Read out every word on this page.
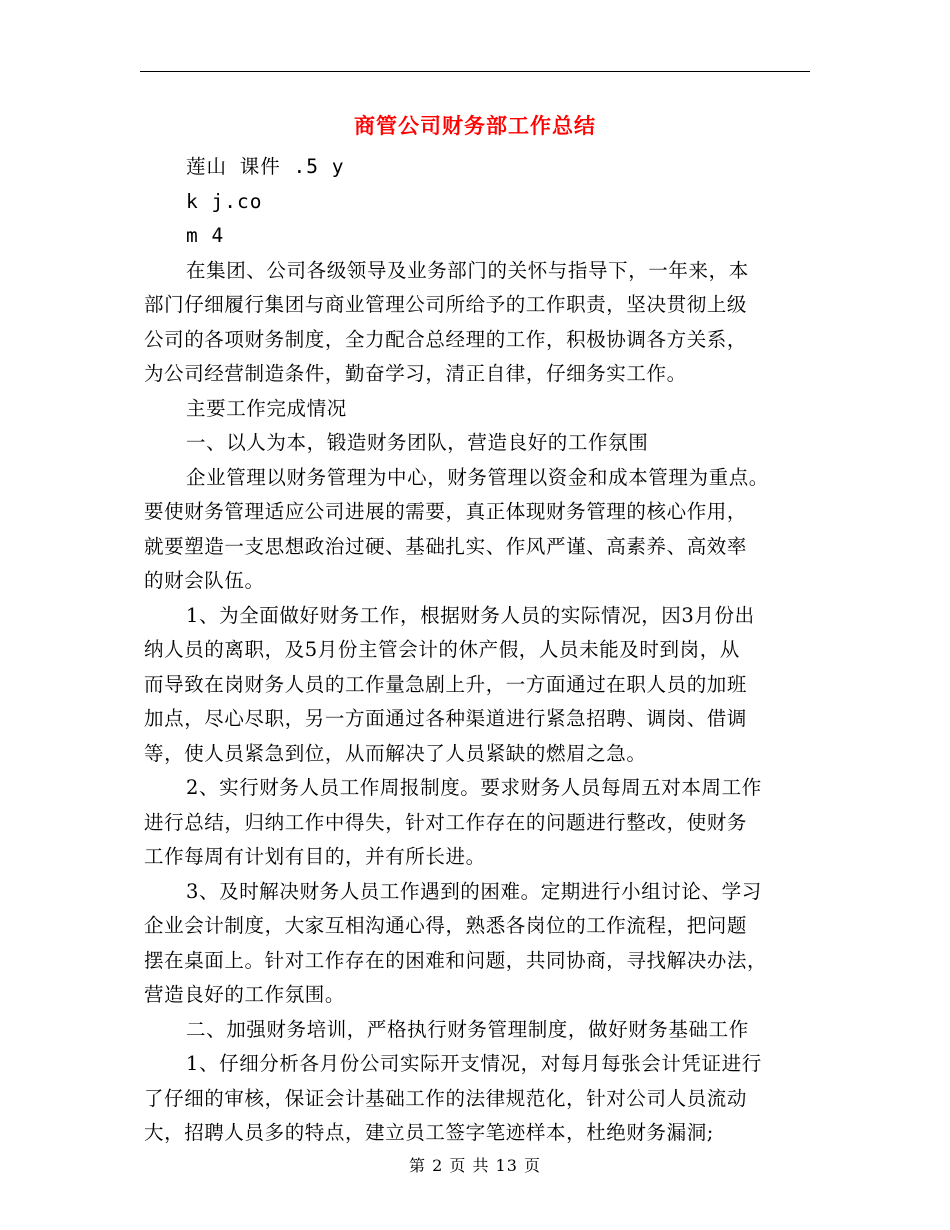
商管公司财务部工作总结
莲山 课件 .5 y
k j.co
m 4
在集团、公司各级领导及业务部门的关怀与指导下，一年来，本
部门仔细履行集团与商业管理公司所给予的工作职责，坚决贯彻上级
公司的各项财务制度，全力配合总经理的工作，积极协调各方关系，
为公司经营制造条件，勤奋学习，清正自律，仔细务实工作。
主要工作完成情况
一、以人为本，锻造财务团队，营造良好的工作氛围
企业管理以财务管理为中心，财务管理以资金和成本管理为重点。
要使财务管理适应公司进展的需要，真正体现财务管理的核心作用，
就要塑造一支思想政治过硬、基础扎实、作风严谨、高素养、高效率
的财会队伍。
1、为全面做好财务工作，根据财务人员的实际情况，因3月份出
纳人员的离职，及5月份主管会计的休产假，人员未能及时到岗，从
而导致在岗财务人员的工作量急剧上升，一方面通过在职人员的加班
加点，尽心尽职，另一方面通过各种渠道进行紧急招聘、调岗、借调
等，使人员紧急到位，从而解决了人员紧缺的燃眉之急。
2、实行财务人员工作周报制度。要求财务人员每周五对本周工作
进行总结，归纳工作中得失，针对工作存在的问题进行整改，使财务
工作每周有计划有目的，并有所长进。
3、及时解决财务人员工作遇到的困难。定期进行小组讨论、学习
企业会计制度，大家互相沟通心得，熟悉各岗位的工作流程，把问题
摆在桌面上。针对工作存在的困难和问题，共同协商，寻找解决办法，
营造良好的工作氛围。
二、加强财务培训，严格执行财务管理制度，做好财务基础工作
1、仔细分析各月份公司实际开支情况，对每月每张会计凭证进行
了仔细的审核，保证会计基础工作的法律规范化，针对公司人员流动
大，招聘人员多的特点，建立员工签字笔迹样本，杜绝财务漏洞;
第 2 页 共 13 页
